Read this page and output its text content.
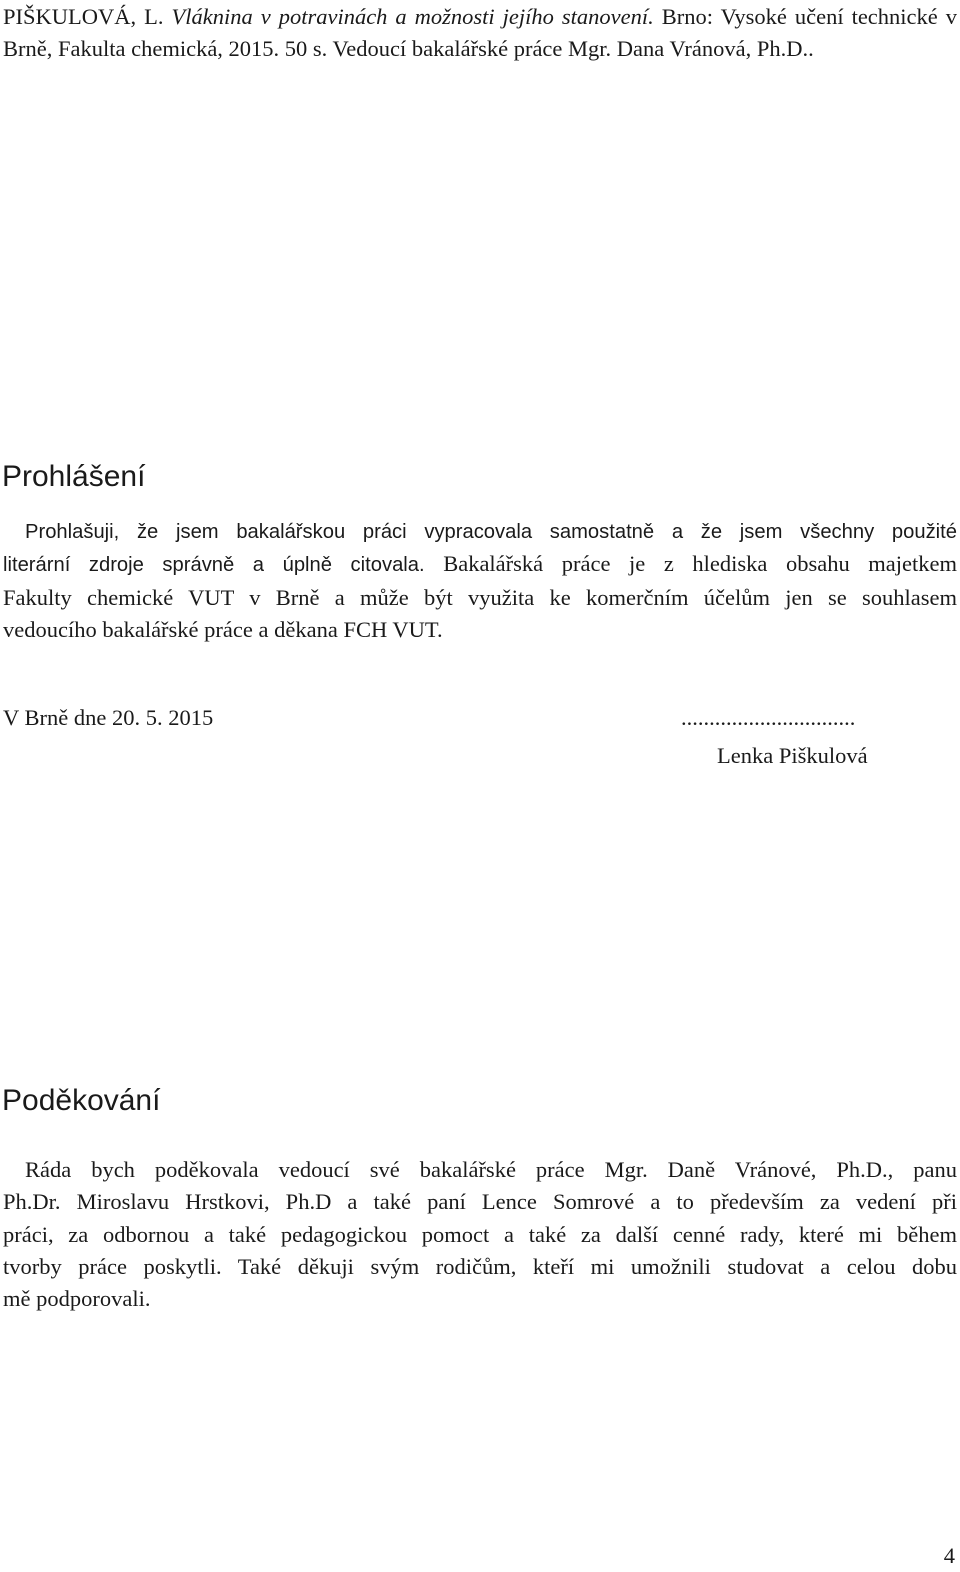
PIŠKULOVÁ, L. Vláknina v potravinách a možnosti jejího stanovení. Brno: Vysoké učení technické v Brně, Fakulta chemická, 2015. 50 s. Vedoucí bakalářské práce Mgr. Dana Vránová, Ph.D..

Prohlášení
Prohlašuji, že jsem bakalářskou práci vypracovala samostatně a že jsem všechny použité
literární zdroje správně a úplně citovala. Bakalářská práce je z hlediska obsahu majetkem
Fakulty chemické VUT v Brně a může být využita ke komerčním účelům jen se souhlasem
vedoucího bakalářské práce a děkana FCH VUT.

V Brně dne 20. 5. 2015	...............................

Lenka Piškulová

Poděkování
Ráda bych poděkovala vedoucí své bakalářské práce Mgr. Daně Vránové, Ph.D., panu
Ph.Dr. Miroslavu Hrstkovi, Ph.D a také paní Lence Somrové a to především za vedení při
práci, za odbornou a také pedagogickou pomoct a také za další cenné rady, které mi během
tvorby práce poskytli. Také děkuji svým rodičům, kteří mi umožnili studovat a celou dobu
mě podporovali.

4
